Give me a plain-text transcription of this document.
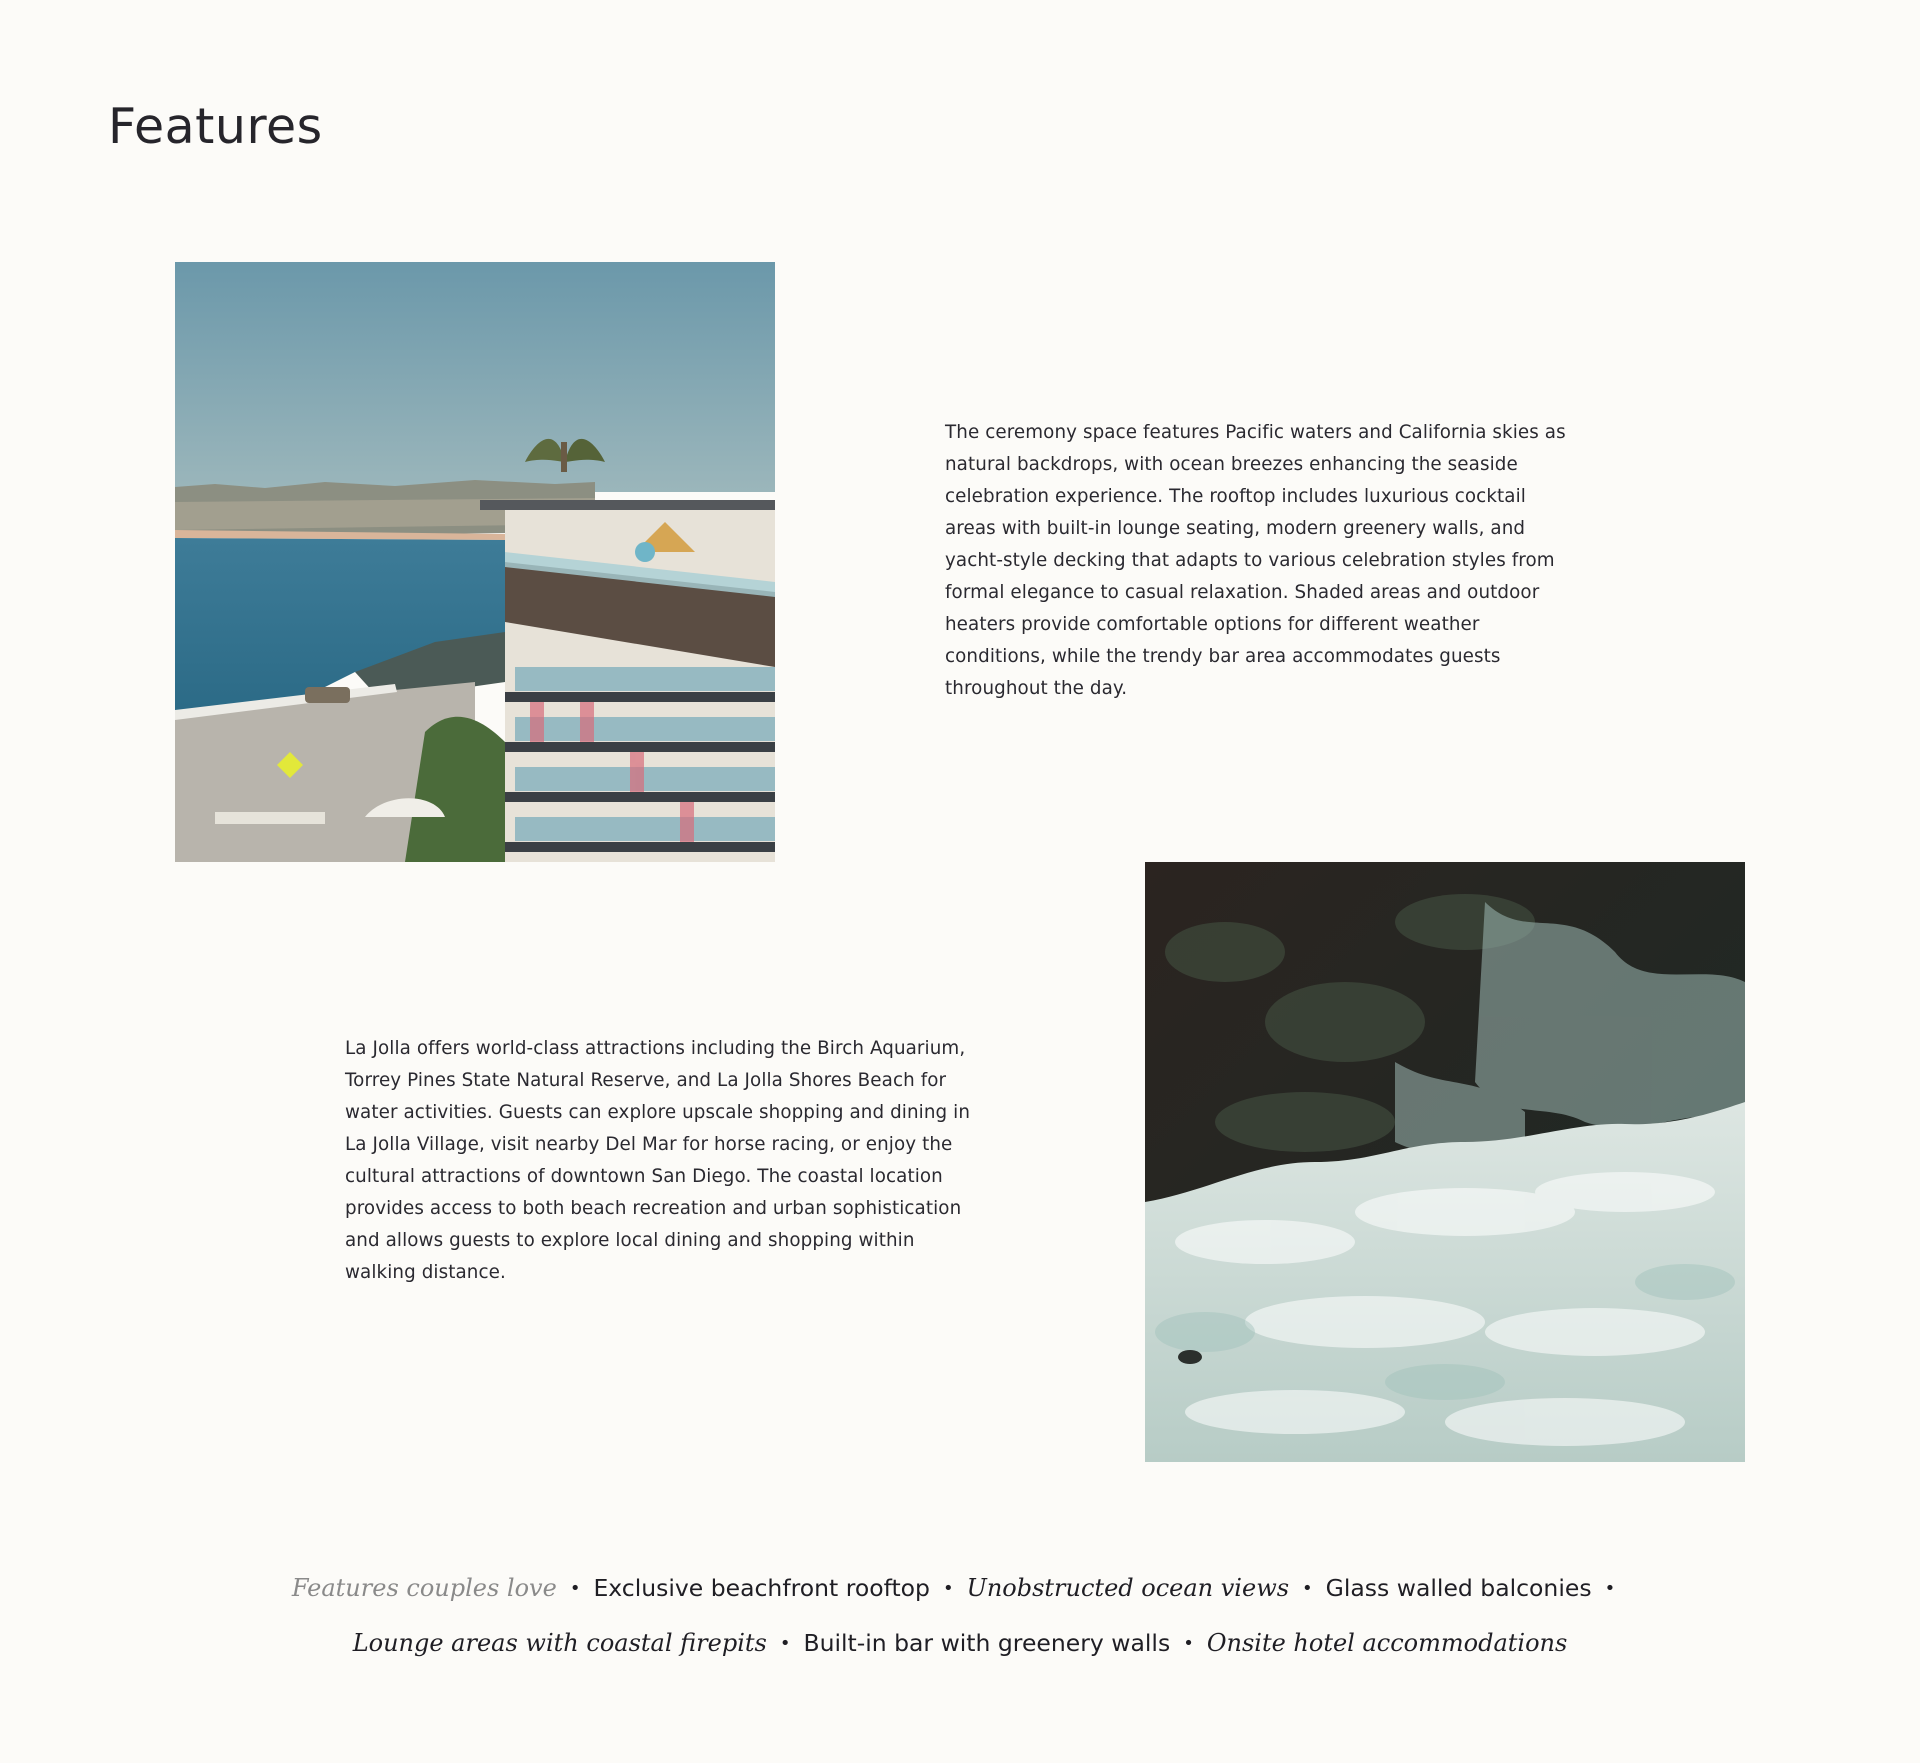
Features

The ceremony space features Pacific waters and California skies as natural backdrops, with ocean breezes enhancing the seaside celebration experience. The rooftop includes luxurious cocktail areas with built-in lounge seating, modern greenery walls, and yacht-style decking that adapts to various celebration styles from formal elegance to casual relaxation. Shaded areas and outdoor heaters provide comfortable options for different weather conditions, while the trendy bar area accommodates guests throughout the day.

La Jolla offers world-class attractions including the Birch Aquarium, Torrey Pines State Natural Reserve, and La Jolla Shores Beach for water activities. Guests can explore upscale shopping and dining in La Jolla Village, visit nearby Del Mar for horse racing, or enjoy the cultural attractions of downtown San Diego. The coastal location provides access to both beach recreation and urban sophistication and allows guests to explore local dining and shopping within walking distance.

Features couples love • Exclusive beachfront rooftop • Unobstructed ocean views • Glass walled balconies •
Lounge areas with coastal firepits • Built-in bar with greenery walls • Onsite hotel accommodations
